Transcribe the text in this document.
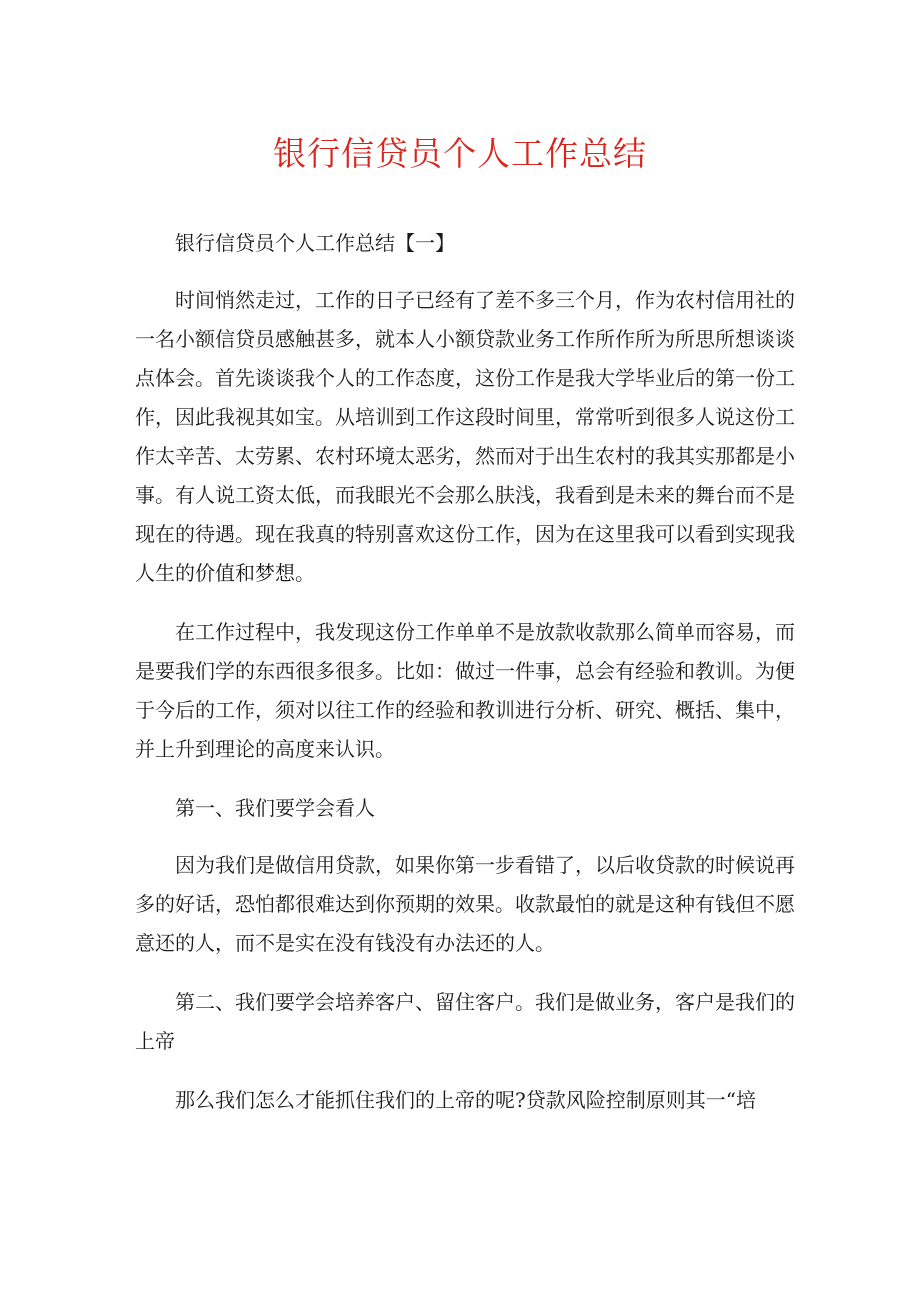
银行信贷员个人工作总结

银行信贷员个人工作总结【一】

时间悄然走过，工作的日子已经有了差不多三个月，作为农村信用社的一名小额信贷员感触甚多，就本人小额贷款业务工作所作所为所思所想谈谈点体会。首先谈谈我个人的工作态度，这份工作是我大学毕业后的第一份工作，因此我视其如宝。从培训到工作这段时间里，常常听到很多人说这份工作太辛苦、太劳累、农村环境太恶劣，然而对于出生农村的我其实那都是小事。有人说工资太低，而我眼光不会那么肤浅，我看到是未来的舞台而不是现在的待遇。现在我真的特别喜欢这份工作，因为在这里我可以看到实现我人生的价值和梦想。

在工作过程中，我发现这份工作单单不是放款收款那么简单而容易，而是要我们学的东西很多很多。比如：做过一件事，总会有经验和教训。为便于今后的工作，须对以往工作的经验和教训进行分析、研究、概括、集中，并上升到理论的高度来认识。

第一、我们要学会看人

因为我们是做信用贷款，如果你第一步看错了，以后收贷款的时候说再多的好话，恐怕都很难达到你预期的效果。收款最怕的就是这种有钱但不愿意还的人，而不是实在没有钱没有办法还的人。

第二、我们要学会培养客户、留住客户。我们是做业务，客户是我们的上帝

那么我们怎么才能抓住我们的上帝的呢?贷款风险控制原则其一“培
